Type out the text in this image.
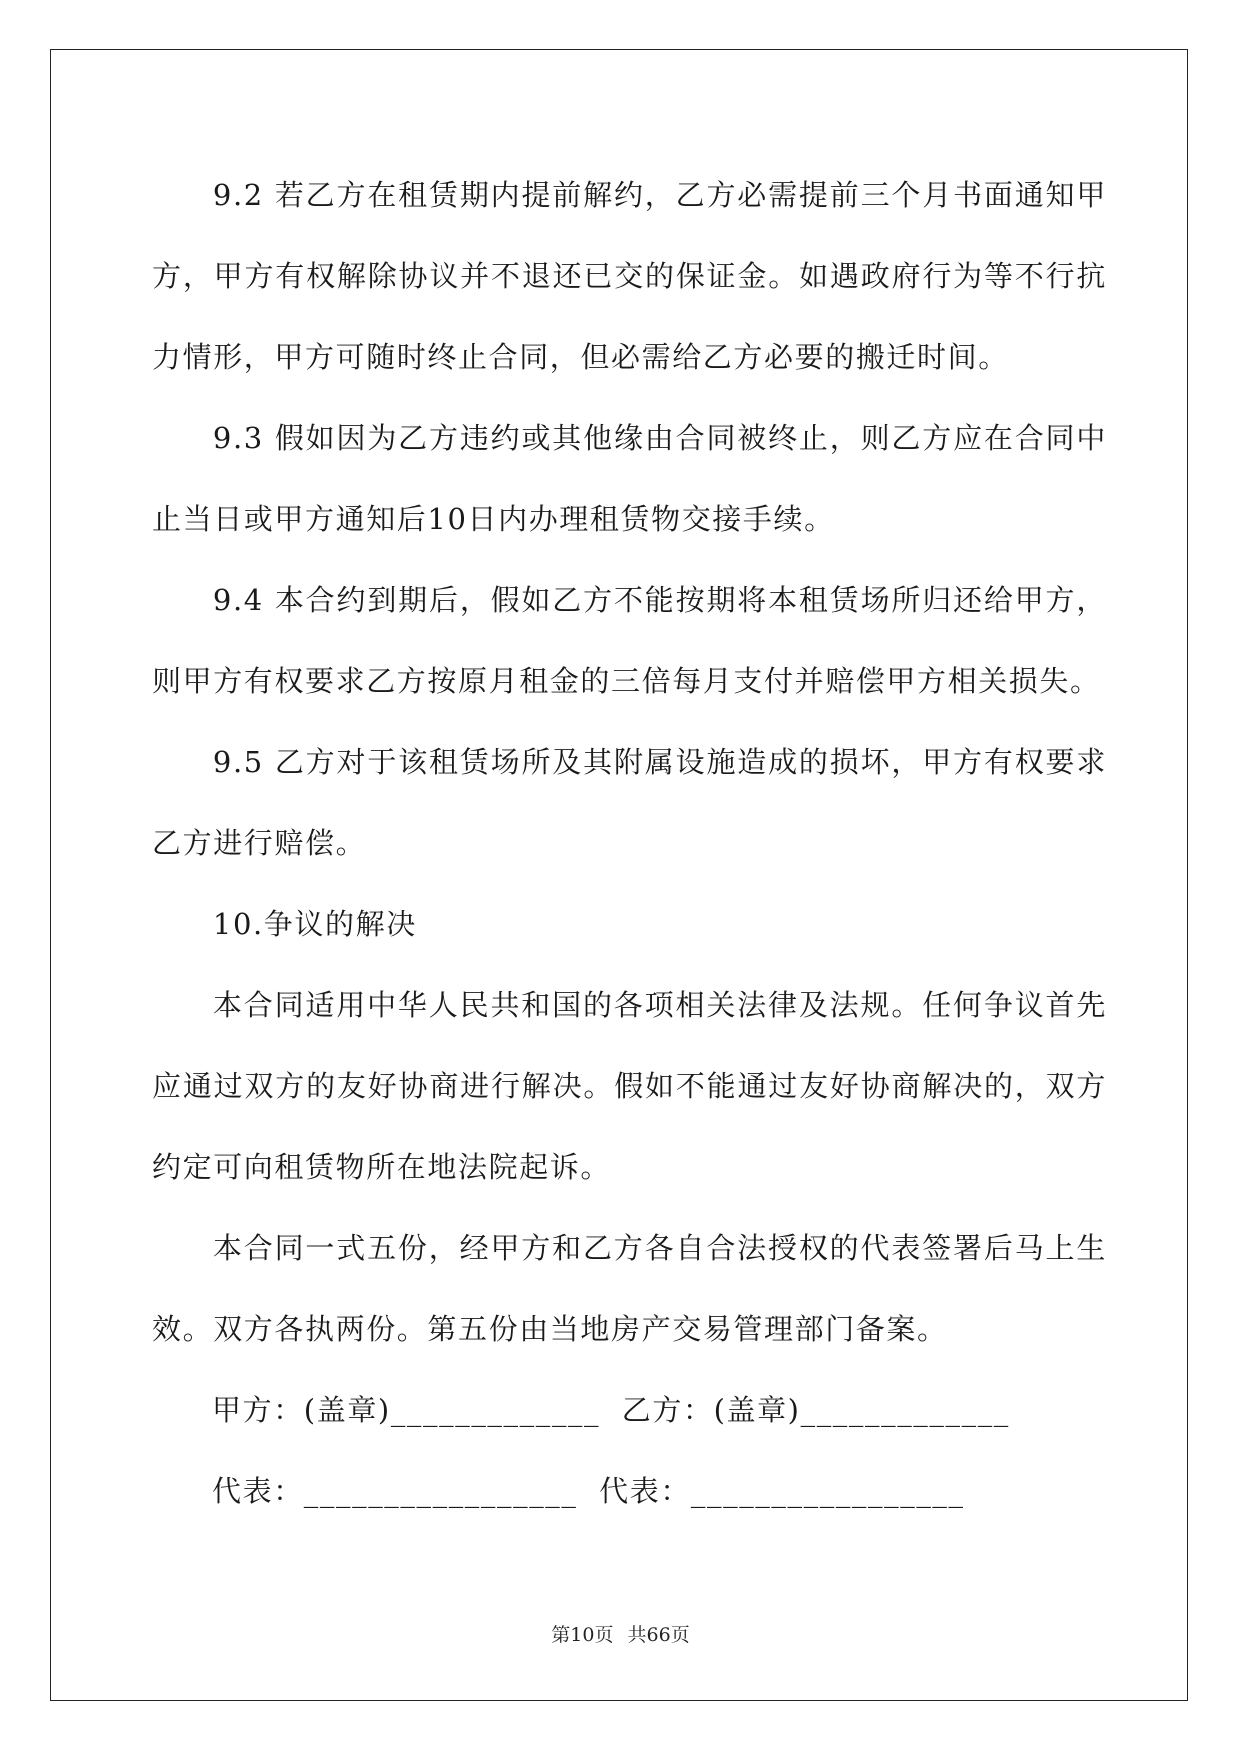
9.2 若乙方在租赁期内提前解约，乙方必需提前三个月书面通知甲方，甲方有权解除协议并不退还已交的保证金。如遇政府行为等不行抗力情形，甲方可随时终止合同，但必需给乙方必要的搬迁时间。

9.3 假如因为乙方违约或其他缘由合同被终止，则乙方应在合同中止当日或甲方通知后10日内办理租赁物交接手续。

9.4 本合约到期后，假如乙方不能按期将本租赁场所归还给甲方，则甲方有权要求乙方按原月租金的三倍每月支付并赔偿甲方相关损失。

9.5 乙方对于该租赁场所及其附属设施造成的损坏，甲方有权要求乙方进行赔偿。

10.争议的解决

本合同适用中华人民共和国的各项相关法律及法规。任何争议首先应通过双方的友好协商进行解决。假如不能通过友好协商解决的，双方约定可向租赁物所在地法院起诉。

本合同一式五份，经甲方和乙方各自合法授权的代表签署后马上生效。双方各执两份。第五份由当地房产交易管理部门备案。

甲方：(盖章)_____________  乙方：(盖章)_____________

代表：_________________  代表：_________________

第10页 共66页
